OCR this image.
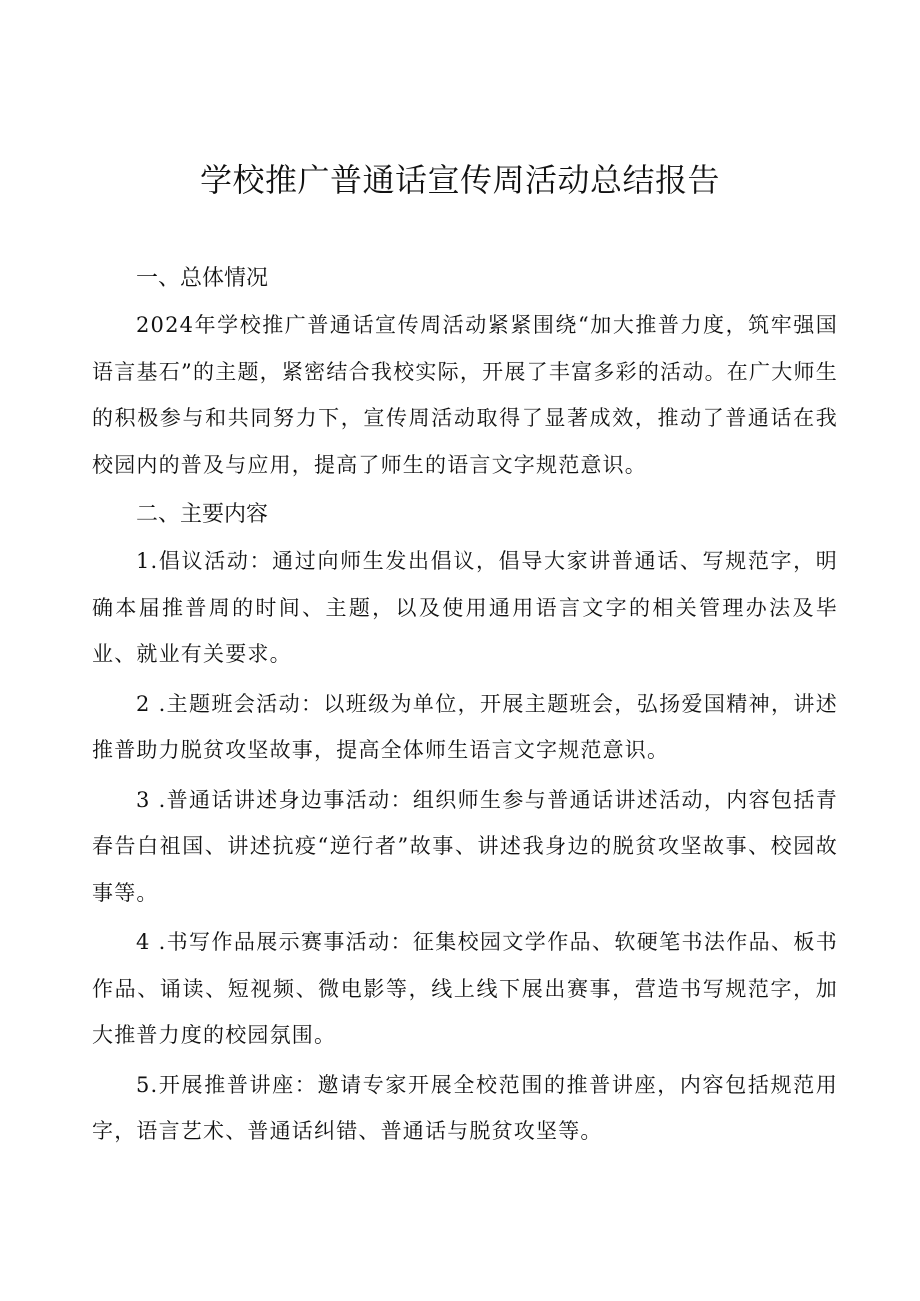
学校推广普通话宣传周活动总结报告
一、总体情况

2024年学校推广普通话宣传周活动紧紧围绕“加大推普力度，筑牢强国语言基石”的主题，紧密结合我校实际，开展了丰富多彩的活动。在广大师生的积极参与和共同努力下，宣传周活动取得了显著成效，推动了普通话在我校园内的普及与应用，提高了师生的语言文字规范意识。

二、主要内容

1.倡议活动：通过向师生发出倡议，倡导大家讲普通话、写规范字，明确本届推普周的时间、主题，以及使用通用语言文字的相关管理办法及毕业、就业有关要求。

2 .主题班会活动：以班级为单位，开展主题班会，弘扬爱国精神，讲述推普助力脱贫攻坚故事，提高全体师生语言文字规范意识。

3 .普通话讲述身边事活动：组织师生参与普通话讲述活动，内容包括青春告白祖国、讲述抗疫“逆行者”故事、讲述我身边的脱贫攻坚故事、校园故事等。

4 .书写作品展示赛事活动：征集校园文学作品、软硬笔书法作品、板书作品、诵读、短视频、微电影等，线上线下展出赛事，营造书写规范字，加大推普力度的校园氛围。

5.开展推普讲座：邀请专家开展全校范围的推普讲座，内容包括规范用字，语言艺术、普通话纠错、普通话与脱贫攻坚等。
